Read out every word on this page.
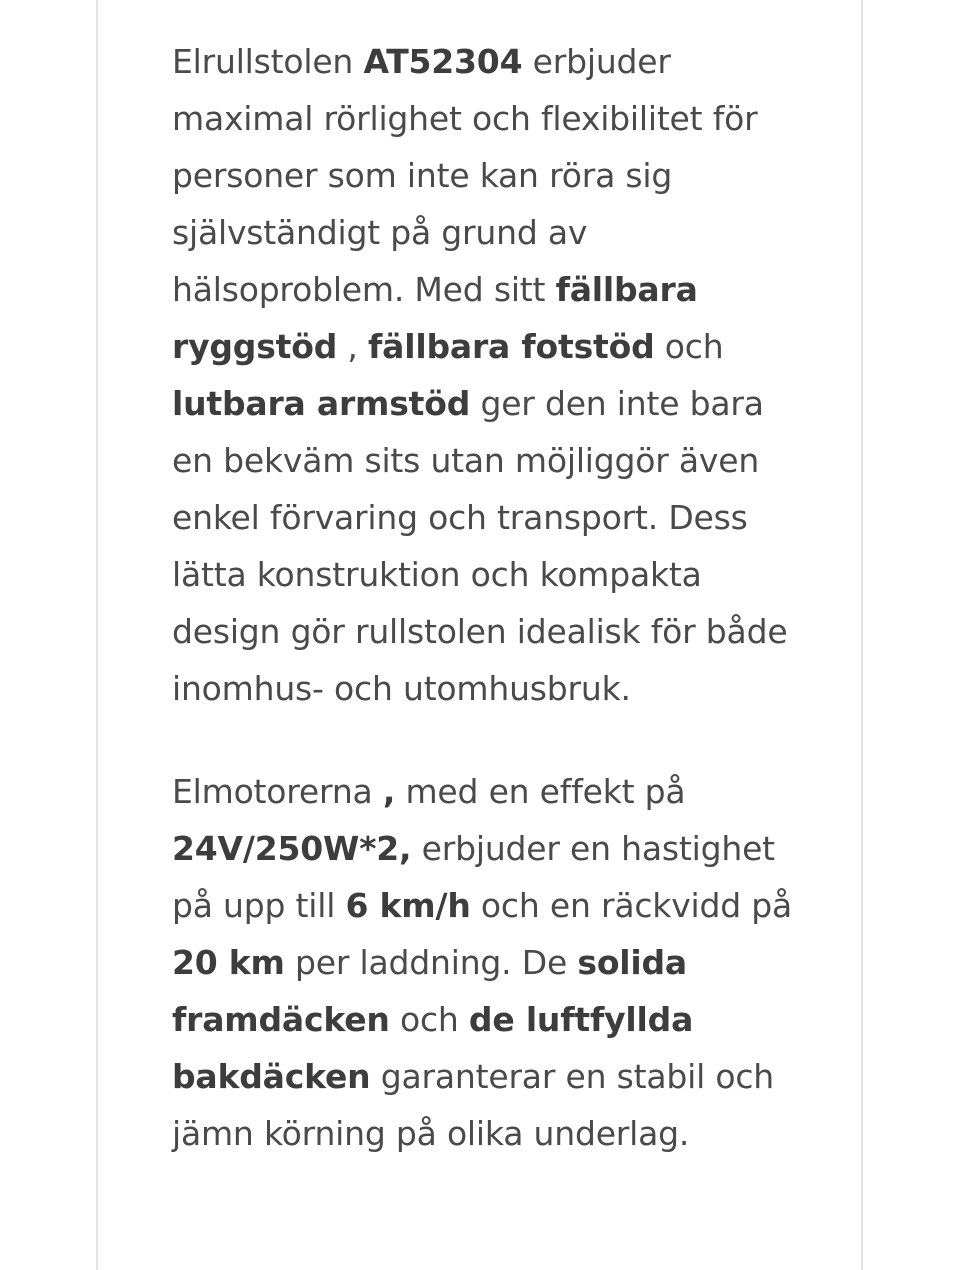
Elrullstolen AT52304 erbjuder maximal rörlighet och flexibilitet för personer som inte kan röra sig självständigt på grund av hälsoproblem. Med sitt fällbara ryggstöd , fällbara fotstöd och lutbara armstöd ger den inte bara en bekväm sits utan möjliggör även enkel förvaring och transport. Dess lätta konstruktion och kompakta design gör rullstolen idealisk för både inomhus- och utomhusbruk.

Elmotorerna , med en effekt på 24V/250W*2, erbjuder en hastighet på upp till 6 km/h och en räckvidd på 20 km per laddning. De solida framdäcken och de luftfyllda bakdäcken garanterar en stabil och jämn körning på olika underlag.
